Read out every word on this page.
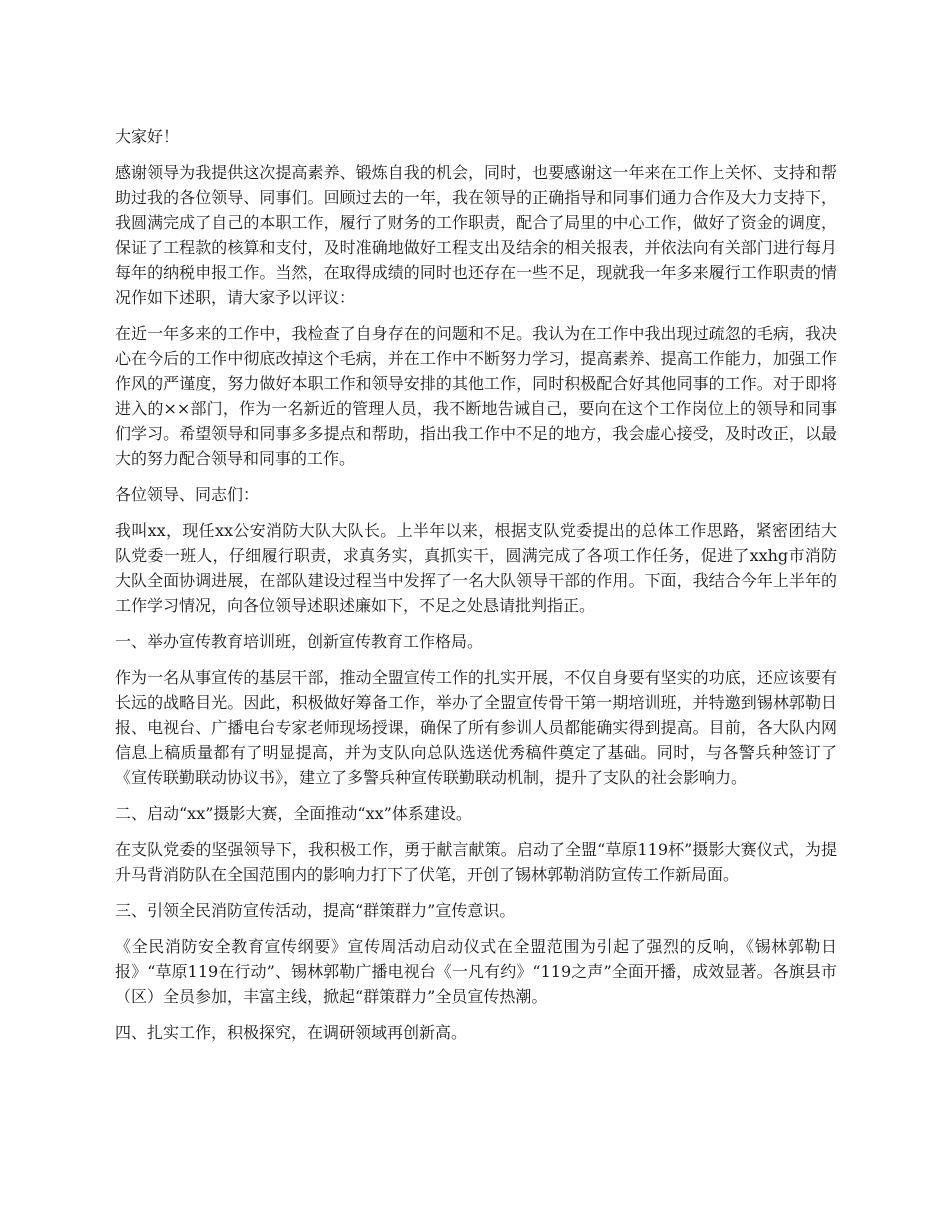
大家好！

感谢领导为我提供这次提高素养、锻炼自我的机会，同时，也要感谢这一年来在工作上关怀、支持和帮助过我的各位领导、同事们。回顾过去的一年，我在领导的正确指导和同事们通力合作及大力支持下，我圆满完成了自己的本职工作，履行了财务的工作职责，配合了局里的中心工作，做好了资金的调度，保证了工程款的核算和支付，及时准确地做好工程支出及结余的相关报表，并依法向有关部门进行每月每年的纳税申报工作。当然，在取得成绩的同时也还存在一些不足，现就我一年多来履行工作职责的情况作如下述职，请大家予以评议：

在近一年多来的工作中，我检查了自身存在的问题和不足。我认为在工作中我出现过疏忽的毛病，我决心在今后的工作中彻底改掉这个毛病，并在工作中不断努力学习，提高素养、提高工作能力，加强工作作风的严谨度，努力做好本职工作和领导安排的其他工作，同时积极配合好其他同事的工作。对于即将进入的××部门，作为一名新近的管理人员，我不断地告诫自己，要向在这个工作岗位上的领导和同事们学习。希望领导和同事多多提点和帮助，指出我工作中不足的地方，我会虚心接受，及时改正，以最大的努力配合领导和同事的工作。

各位领导、同志们：

我叫xx，现任xx公安消防大队大队长。上半年以来，根据支队党委提出的总体工作思路，紧密团结大队党委一班人，仔细履行职责，求真务实，真抓实干，圆满完成了各项工作任务，促进了xxhg市消防大队全面协调进展，在部队建设过程当中发挥了一名大队领导干部的作用。下面，我结合今年上半年的工作学习情况，向各位领导述职述廉如下，不足之处恳请批判指正。

一、举办宣传教育培训班，创新宣传教育工作格局。

作为一名从事宣传的基层干部，推动全盟宣传工作的扎实开展，不仅自身要有坚实的功底，还应该要有长远的战略目光。因此，积极做好筹备工作，举办了全盟宣传骨干第一期培训班，并特邀到锡林郭勒日报、电视台、广播电台专家老师现场授课，确保了所有参训人员都能确实得到提高。目前，各大队内网信息上稿质量都有了明显提高，并为支队向总队选送优秀稿件奠定了基础。同时，与各警兵种签订了《宣传联勤联动协议书》，建立了多警兵种宣传联勤联动机制，提升了支队的社会影响力。

二、启动“xx”摄影大赛，全面推动“xx”体系建设。

在支队党委的坚强领导下，我积极工作，勇于献言献策。启动了全盟“草原119杯”摄影大赛仪式，为提升马背消防队在全国范围内的影响力打下了伏笔，开创了锡林郭勒消防宣传工作新局面。

三、引领全民消防宣传活动，提高“群策群力”宣传意识。

《全民消防安全教育宣传纲要》宣传周活动启动仪式在全盟范围为引起了强烈的反响，《锡林郭勒日报》“草原119在行动”、锡林郭勒广播电视台《一凡有约》“119之声”全面开播，成效显著。各旗县市（区）全员参加，丰富主线，掀起“群策群力”全员宣传热潮。

四、扎实工作，积极探究，在调研领域再创新高。
